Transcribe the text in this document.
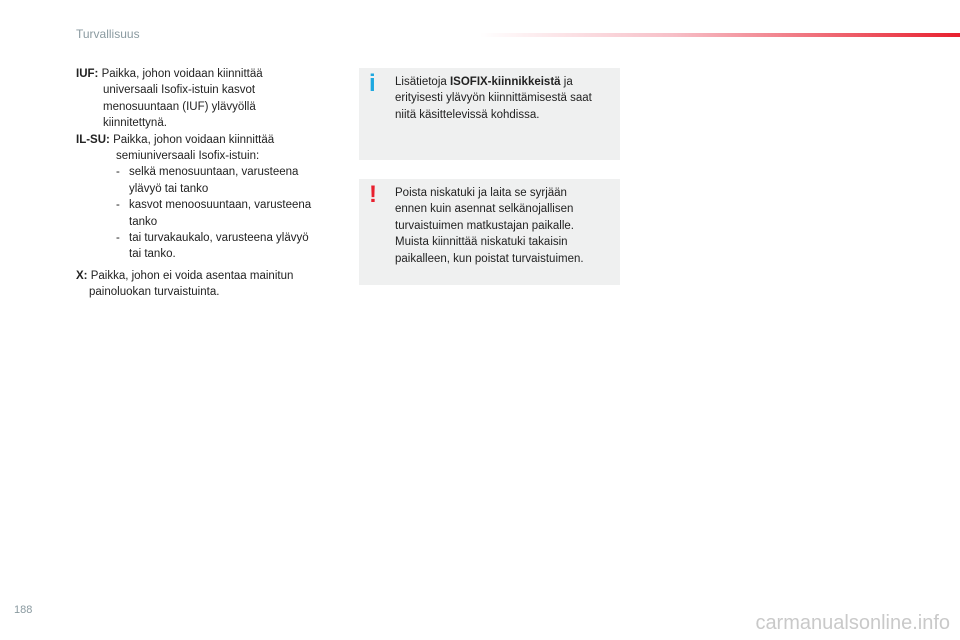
Turvallisuus
IUF: Paikka, johon voidaan kiinnittää
universaali Isofix-istuin kasvot
menosuuntaan (IUF) ylävyöllä
kiinnitettynä.
IL-SU: Paikka, johon voidaan kiinnittää
semiuniversaali Isofix-istuin:
- selkä menosuuntaan, varusteena
ylävyö tai tanko
- kasvot menoosuuntaan, varusteena
tanko
- tai turvakaukalo, varusteena ylävyö
tai tanko.
X: Paikka, johon ei voida asentaa mainitun
painoluokan turvaistuinta.
i Lisätietoja ISOFIX-kiinnikkeistä ja
erityisesti ylävyön kiinnittämisestä saat
niitä käsittelevissä kohdissa.
! Poista niskatuki ja laita se syrjään
ennen kuin asennat selkänojallisen
turvaistuimen matkustajan paikalle.
Muista kiinnittää niskatuki takaisin
paikalleen, kun poistat turvaistuimen.
188
carmanualsonline.info
